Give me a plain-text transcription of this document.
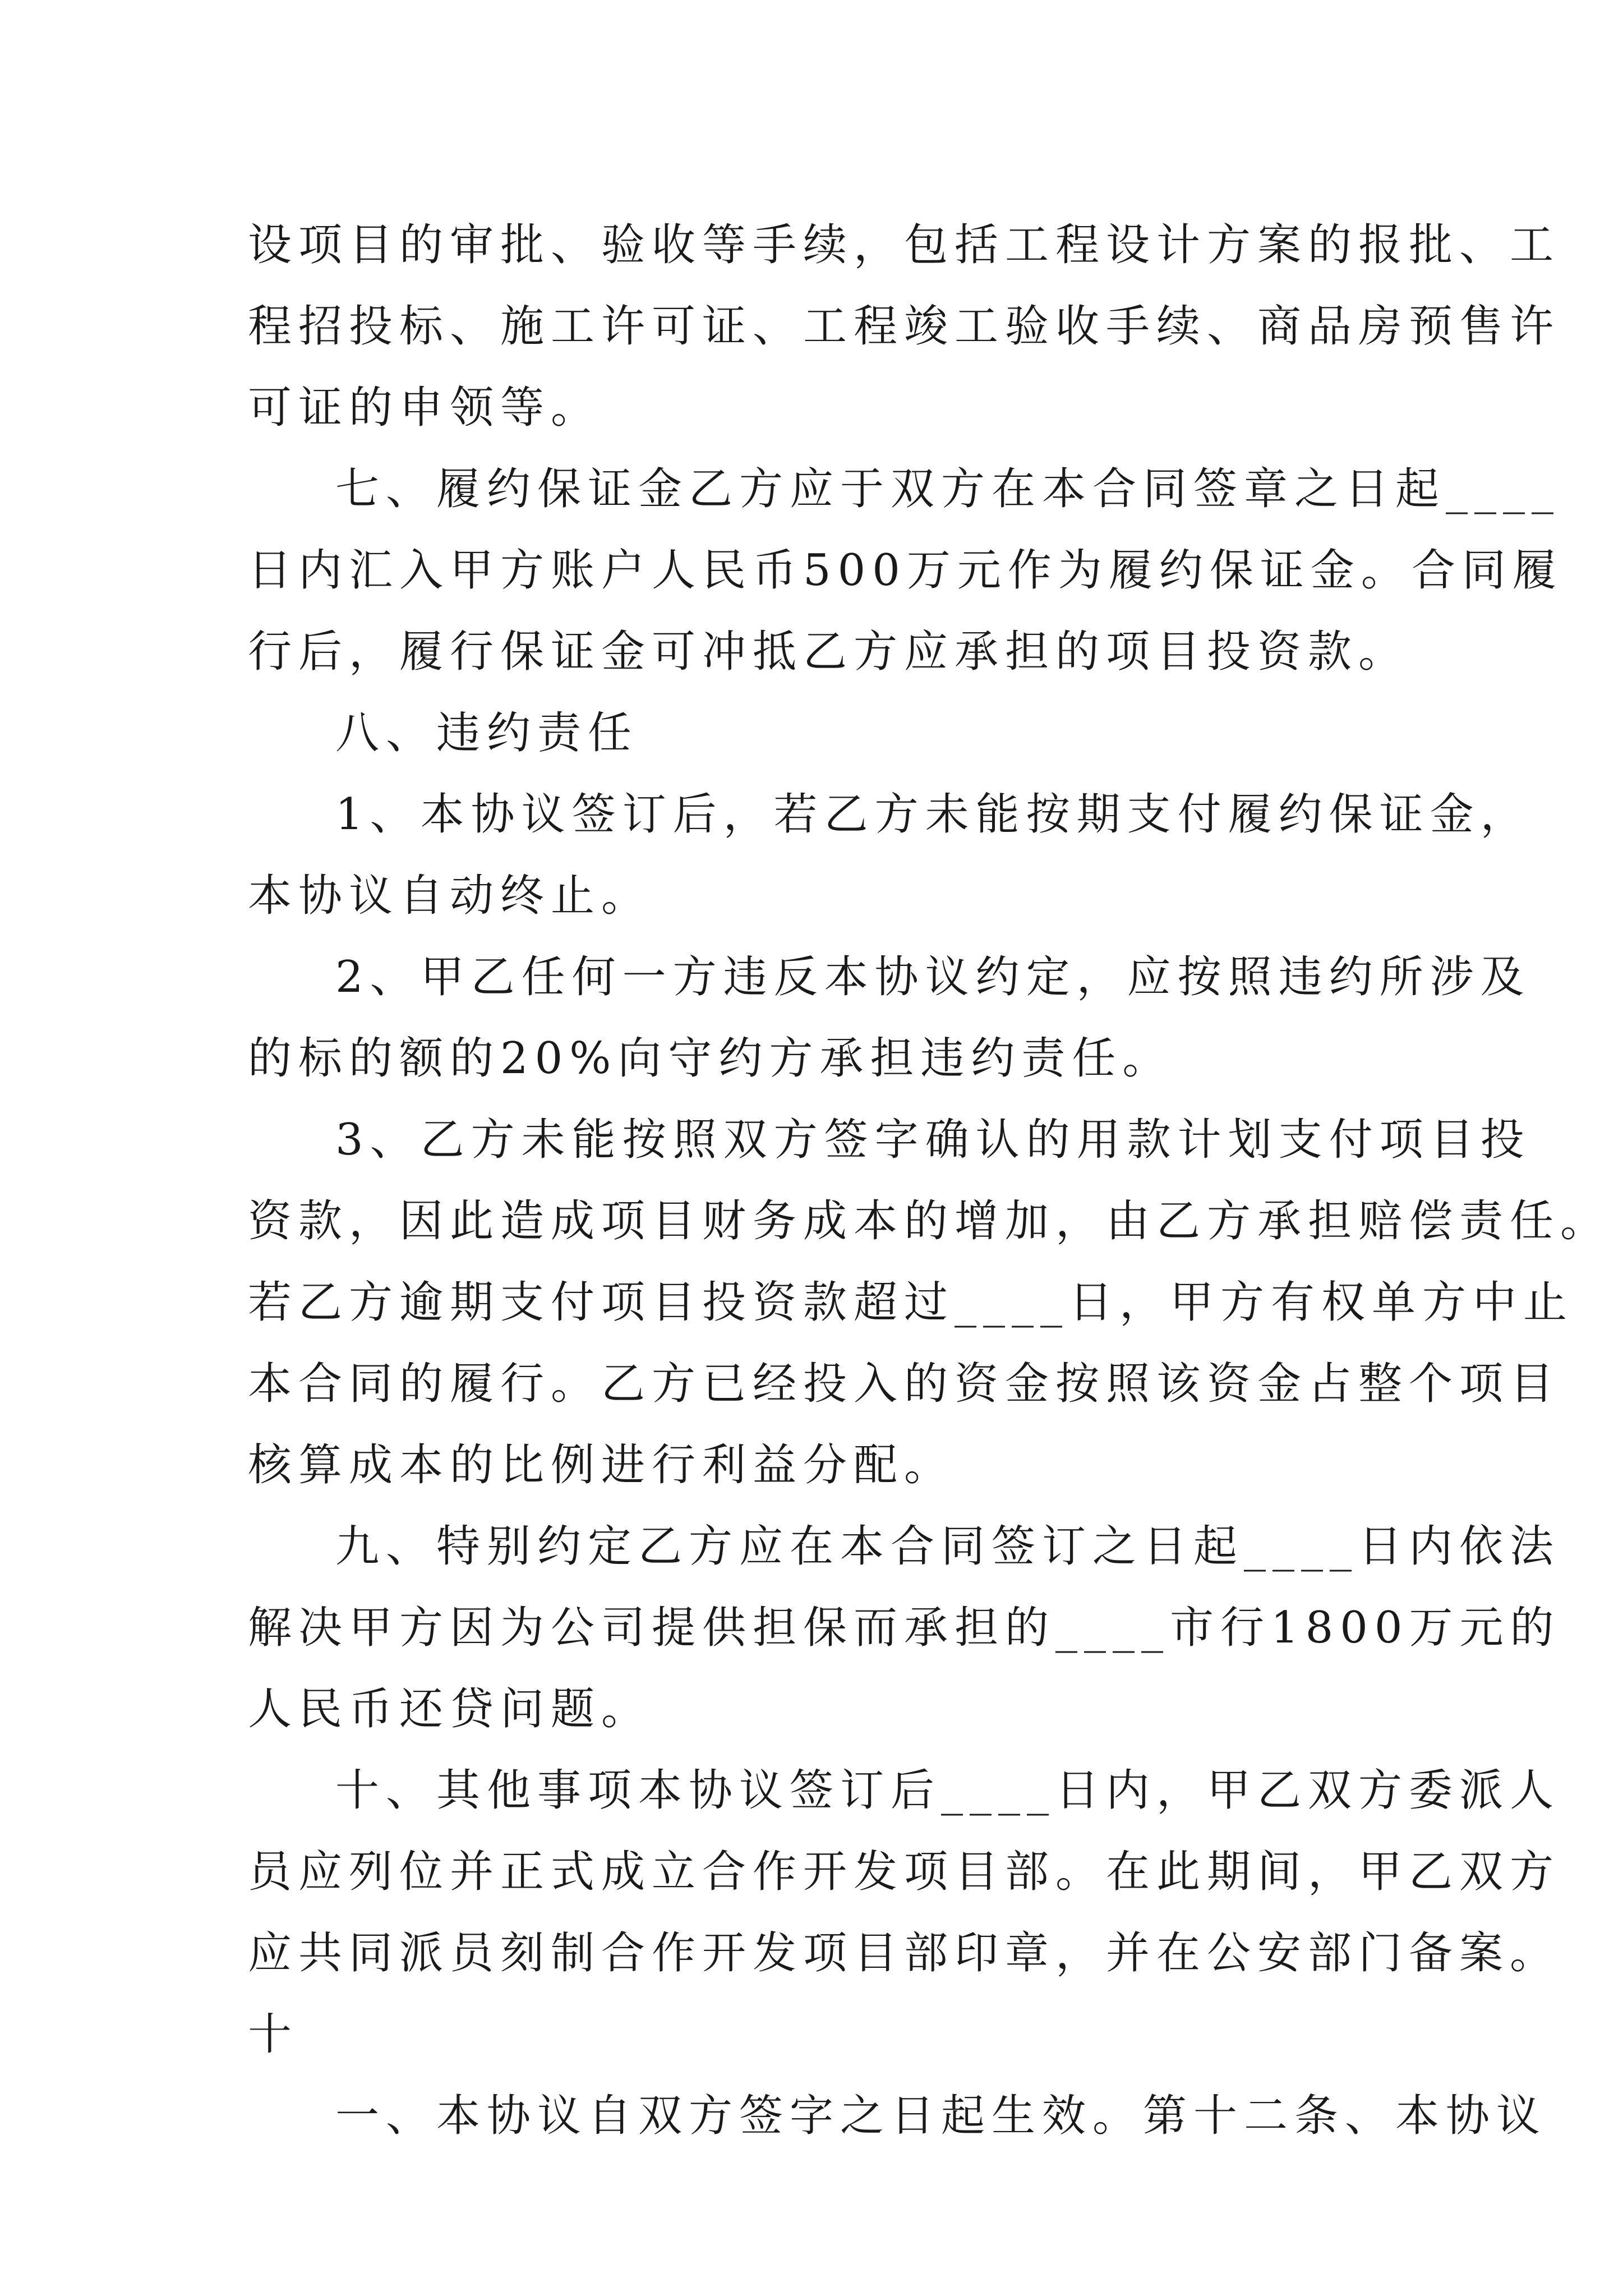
设项目的审批、验收等手续，包括工程设计方案的报批、工

程招投标、施工许可证、工程竣工验收手续、商品房预售许

可证的申领等。

七、履约保证金乙方应于双方在本合同签章之日起____

日内汇入甲方账户人民币500万元作为履约保证金。合同履

行后，履行保证金可冲抵乙方应承担的项目投资款。

八、违约责任

1、本协议签订后，若乙方未能按期支付履约保证金，

本协议自动终止。

2、甲乙任何一方违反本协议约定，应按照违约所涉及

的标的额的20%向守约方承担违约责任。

3、乙方未能按照双方签字确认的用款计划支付项目投

资款，因此造成项目财务成本的增加，由乙方承担赔偿责任。

若乙方逾期支付项目投资款超过____日，甲方有权单方中止

本合同的履行。乙方已经投入的资金按照该资金占整个项目

核算成本的比例进行利益分配。

九、特别约定乙方应在本合同签订之日起____日内依法

解决甲方因为公司提供担保而承担的____市行1800万元的

人民币还贷问题。

十、其他事项本协议签订后____日内，甲乙双方委派人

员应列位并正式成立合作开发项目部。在此期间，甲乙双方

应共同派员刻制合作开发项目部印章，并在公安部门备案。

十

一、本协议自双方签字之日起生效。第十二条、本协议
